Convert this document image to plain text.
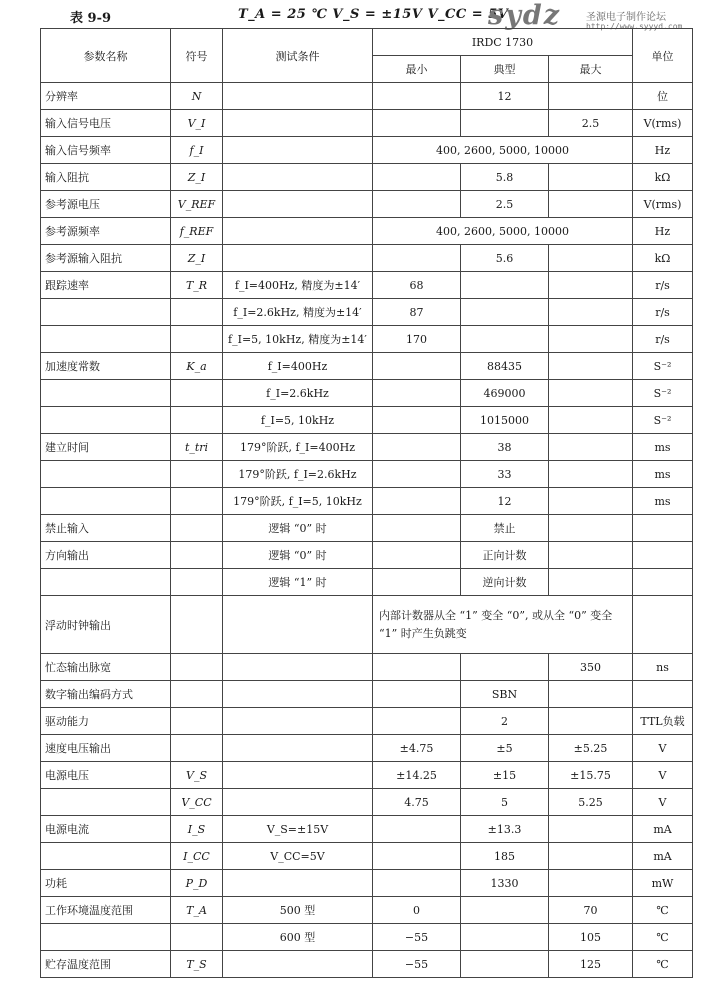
表 9-9	T_A = 25 ℃ V_S = ±15V V_CC = 5V
sydz 圣源电子制作论坛
http://www.syyyd.com
参数名称	符号	测试条件	IRDC 1730			单位
			最小	典型	最大	
分辨率	N			12		位
输入信号电压	V_I				2.5	V(rms)
输入信号频率	f_I		400, 2600, 5000, 10000			Hz
输入阻抗	Z_I			5.8		kΩ
参考源电压	V_REF			2.5		V(rms)
参考源频率	f_REF		400, 2600, 5000, 10000			Hz
参考源输入阻抗	Z_I			5.6		kΩ
跟踪速率	T_R	f_I=400Hz, 精度为±14′	68			r/s
		f_I=2.6kHz, 精度为±14′	87			r/s
		f_I=5, 10kHz, 精度为±14′	170			r/s
加速度常数	K_a	f_I=400Hz		88435		S⁻²
		f_I=2.6kHz		469000		S⁻²
		f_I=5, 10kHz		1015000		S⁻²
建立时间	t_tri	179°阶跃, f_I=400Hz		38		ms
		179°阶跃, f_I=2.6kHz		33		ms
		179°阶跃, f_I=5, 10kHz		12		ms
禁止输入		逻辑 “0” 时		禁止		
方向输出		逻辑 “0” 时		正向计数		
		逻辑 “1” 时		逆向计数		
浮动时钟输出			内部计数器从全 “1” 变全 “0”, 或从全 “0” 变全 “1” 时产生负跳变			
忙态输出脉宽					350	ns
数字输出编码方式				SBN		
驱动能力				2		TTL负载
速度电压输出			±4.75	±5	±5.25	V
电源电压	V_S		±14.25	±15	±15.75	V
	V_CC		4.75	5	5.25	V
电源电流	I_S	V_S=±15V		±13.3		mA
	I_CC	V_CC=5V		185		mA
功耗	P_D			1330		mW
工作环境温度范围	T_A	500 型	0		70	℃
		600 型	−55		105	℃
贮存温度范围	T_S		−55		125	℃
